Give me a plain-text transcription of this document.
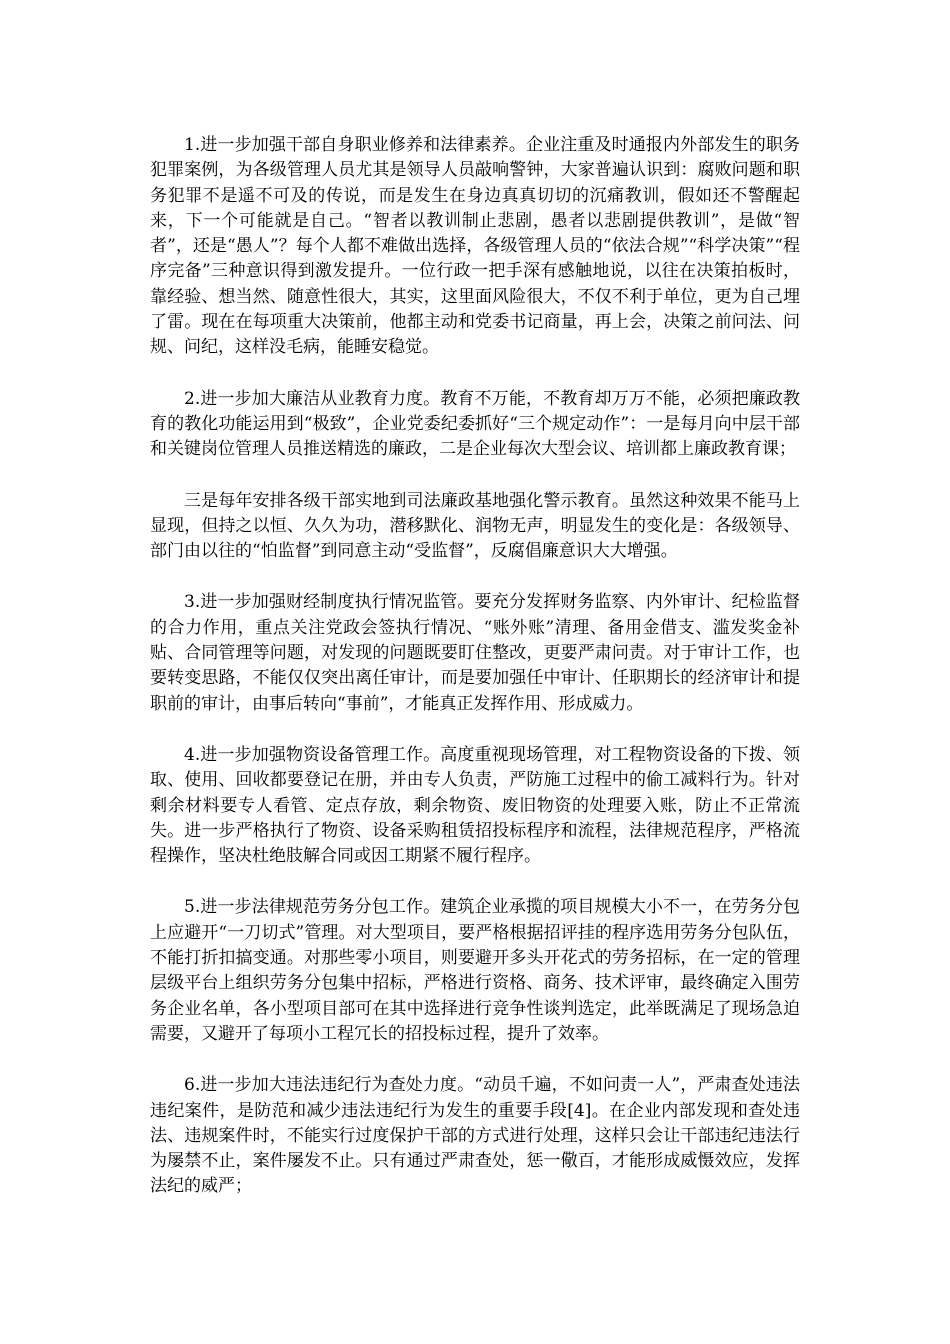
1.进一步加强干部自身职业修养和法律素养。企业注重及时通报内外部发生的职务犯罪案例，为各级管理人员尤其是领导人员敲响警钟，大家普遍认识到：腐败问题和职务犯罪不是遥不可及的传说，而是发生在身边真真切切的沉痛教训，假如还不警醒起来，下一个可能就是自己。“智者以教训制止悲剧，愚者以悲剧提供教训”，是做“智者”，还是“愚人”？每个人都不难做出选择，各级管理人员的“依法合规”“科学决策”“程序完备”三种意识得到激发提升。一位行政一把手深有感触地说，以往在决策拍板时，靠经验、想当然、随意性很大，其实，这里面风险很大，不仅不利于单位，更为自己埋了雷。现在在每项重大决策前，他都主动和党委书记商量，再上会，决策之前问法、问规、问纪，这样没毛病，能睡安稳觉。

2.进一步加大廉洁从业教育力度。教育不万能，不教育却万万不能，必须把廉政教育的教化功能运用到“极致”，企业党委纪委抓好“三个规定动作”：一是每月向中层干部和关键岗位管理人员推送精选的廉政，二是企业每次大型会议、培训都上廉政教育课；

三是每年安排各级干部实地到司法廉政基地强化警示教育。虽然这种效果不能马上显现，但持之以恒、久久为功，潜移默化、润物无声，明显发生的变化是：各级领导、部门由以往的“怕监督”到同意主动“受监督”，反腐倡廉意识大大增强。

3.进一步加强财经制度执行情况监管。要充分发挥财务监察、内外审计、纪检监督的合力作用，重点关注党政会签执行情况、“账外账”清理、备用金借支、滥发奖金补贴、合同管理等问题，对发现的问题既要盯住整改，更要严肃问责。对于审计工作，也要转变思路，不能仅仅突出离任审计，而是要加强任中审计、任职期长的经济审计和提职前的审计，由事后转向“事前”，才能真正发挥作用、形成威力。

4.进一步加强物资设备管理工作。高度重视现场管理，对工程物资设备的下拨、领取、使用、回收都要登记在册，并由专人负责，严防施工过程中的偷工减料行为。针对剩余材料要专人看管、定点存放，剩余物资、废旧物资的处理要入账，防止不正常流失。进一步严格执行了物资、设备采购租赁招投标程序和流程，法律规范程序，严格流程操作，坚决杜绝肢解合同或因工期紧不履行程序。

5.进一步法律规范劳务分包工作。建筑企业承揽的项目规模大小不一，在劳务分包上应避开“一刀切式”管理。对大型项目，要严格根据招评挂的程序选用劳务分包队伍，不能打折扣搞变通。对那些零小项目，则要避开多头开花式的劳务招标，在一定的管理层级平台上组织劳务分包集中招标，严格进行资格、商务、技术评审，最终确定入围劳务企业名单，各小型项目部可在其中选择进行竞争性谈判选定，此举既满足了现场急迫需要，又避开了每项小工程冗长的招投标过程，提升了效率。

6.进一步加大违法违纪行为查处力度。“动员千遍，不如问责一人”，严肃查处违法违纪案件，是防范和减少违法违纪行为发生的重要手段[4]。在企业内部发现和查处违法、违规案件时，不能实行过度保护干部的方式进行处理，这样只会让干部违纪违法行为屡禁不止，案件屡发不止。只有通过严肃查处，惩一儆百，才能形成威慑效应，发挥法纪的威严；
